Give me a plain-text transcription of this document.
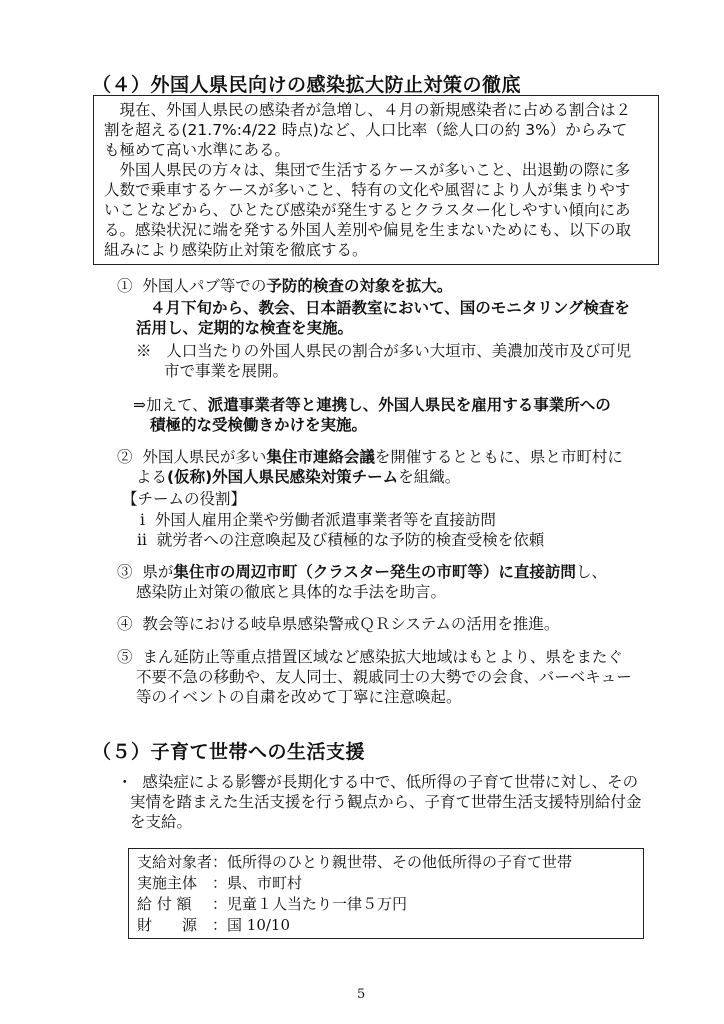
（４）外国人県民向けの感染拡大防止対策の徹底
　現在、外国人県民の感染者が急増し、４月の新規感染者に占める割合は２
割を超える(21.7%:4/22 時点)など、人口比率（総人口の約 3%）からみて
も極めて高い水準にある。
　外国人県民の方々は、集団で生活するケースが多いこと、出退勤の際に多
人数で乗車するケースが多いこと、特有の文化や風習により人が集まりやす
いことなどから、ひとたび感染が発生するとクラスター化しやすい傾向にあ
る。感染状況に端を発する外国人差別や偏見を生まないためにも、以下の取
組みにより感染防止対策を徹底する。
① 外国人パブ等での予防的検査の対象を拡大。
４月下旬から、教会、日本語教室において、国のモニタリング検査を
活用し、定期的な検査を実施。
※ 人口当たりの外国人県民の割合が多い大垣市、美濃加茂市及び可児
市で事業を展開。
⇒加えて、派遣事業者等と連携し、外国人県民を雇用する事業所への
積極的な受検働きかけを実施。
② 外国人県民が多い集住市連絡会議を開催するとともに、県と市町村に
よる(仮称)外国人県民感染対策チームを組織。
【チームの役割】
ⅰ 外国人雇用企業や労働者派遣事業者等を直接訪問
ⅱ 就労者への注意喚起及び積極的な予防的検査受検を依頼
③ 県が集住市の周辺市町（クラスター発生の市町等）に直接訪問し、
感染防止対策の徹底と具体的な手法を助言。
④ 教会等における岐阜県感染警戒ＱＲシステムの活用を推進。
⑤ まん延防止等重点措置区域など感染拡大地域はもとより、県をまたぐ
不要不急の移動や、友人同士、親戚同士の大勢での会食、バーベキュー
等のイベントの自粛を改めて丁寧に注意喚起。
（５）子育て世帯への生活支援
・ 感染症による影響が長期化する中で、低所得の子育て世帯に対し、その
実情を踏まえた生活支援を行う観点から、子育て世帯生活支援特別給付金
を支給。
支給対象者：低所得のひとり親世帯、その他低所得の子育て世帯
実施主体 ：県、市町村
給 付 額 ：児童１人当たり一律５万円
財　　源 ：国 10/10
5
